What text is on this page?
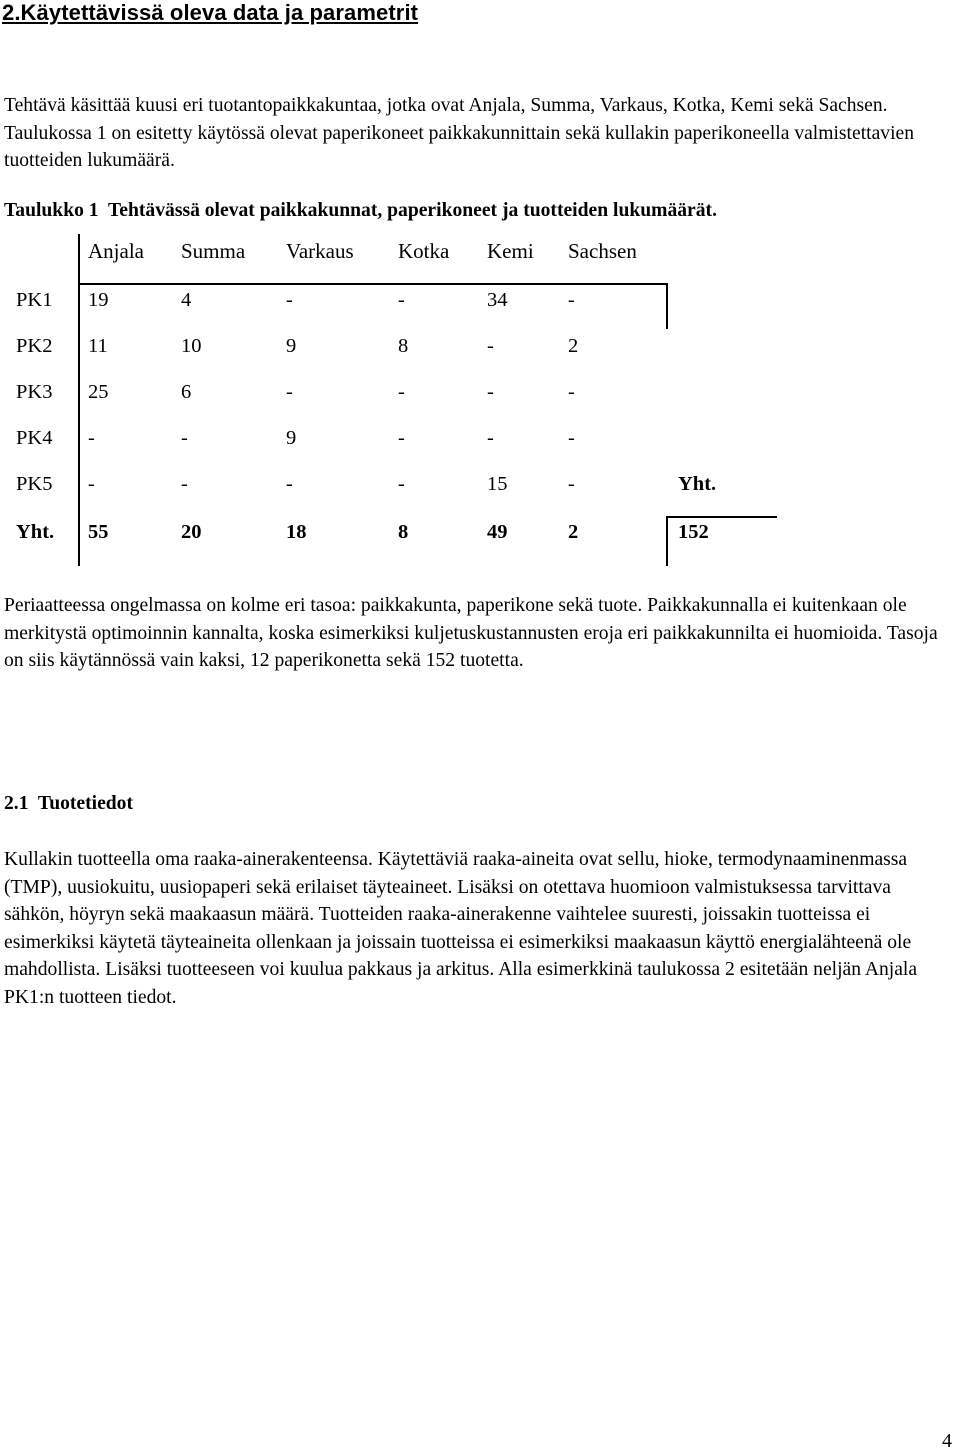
2.Käytettävissä oleva data ja parametrit

Tehtävä käsittää kuusi eri tuotantopaikkakuntaa, jotka ovat Anjala, Summa, Varkaus, Kotka, Kemi sekä Sachsen. Taulukossa 1 on esitetty käytössä olevat paperikoneet paikkakunnittain sekä kullakin paperikoneella valmistettavien tuotteiden lukumäärä.

Taulukko 1  Tehtävässä olevat paikkakunnat, paperikoneet ja tuotteiden lukumäärät.
Anjala Summa Varkaus Kotka Kemi Sachsen
PK1 19	4	-	-	34	-
PK2 11	10	9	8	-	2
PK3 25	6	-	-	-	-
PK4 -	-	9	-	-	-
PK5 -	-	-	-	15	-	Yht.
Yht. 55	20	18	8	49	2	152

Periaatteessa ongelmassa on kolme eri tasoa: paikkakunta, paperikone sekä tuote. Paikkakunnalla ei kuitenkaan ole merkitystä optimoinnin kannalta, koska esimerkiksi kuljetuskustannusten eroja eri paikkakunnilta ei huomioida. Tasoja on siis käytännössä vain kaksi, 12 paperikonetta sekä 152 tuotetta.

2.1  Tuotetiedot

Kullakin tuotteella oma raaka-ainerakenteensa. Käytettäviä raaka-aineita ovat sellu, hioke, termodynaaminenmassa (TMP), uusiokuitu, uusiopaperi sekä erilaiset täyteaineet. Lisäksi on otettava huomioon valmistuksessa tarvittava sähkön, höyryn sekä maakaasun määrä. Tuotteiden raaka-ainerakenne vaihtelee suuresti, joissakin tuotteissa ei esimerkiksi käytetä täyteaineita ollenkaan ja joissain tuotteissa ei esimerkiksi maakaasun käyttö energialähteenä ole mahdollista. Lisäksi tuotteeseen voi kuulua pakkaus ja arkitus. Alla esimerkkinä taulukossa 2 esitetään neljän Anjala PK1:n tuotteen tiedot.

4
